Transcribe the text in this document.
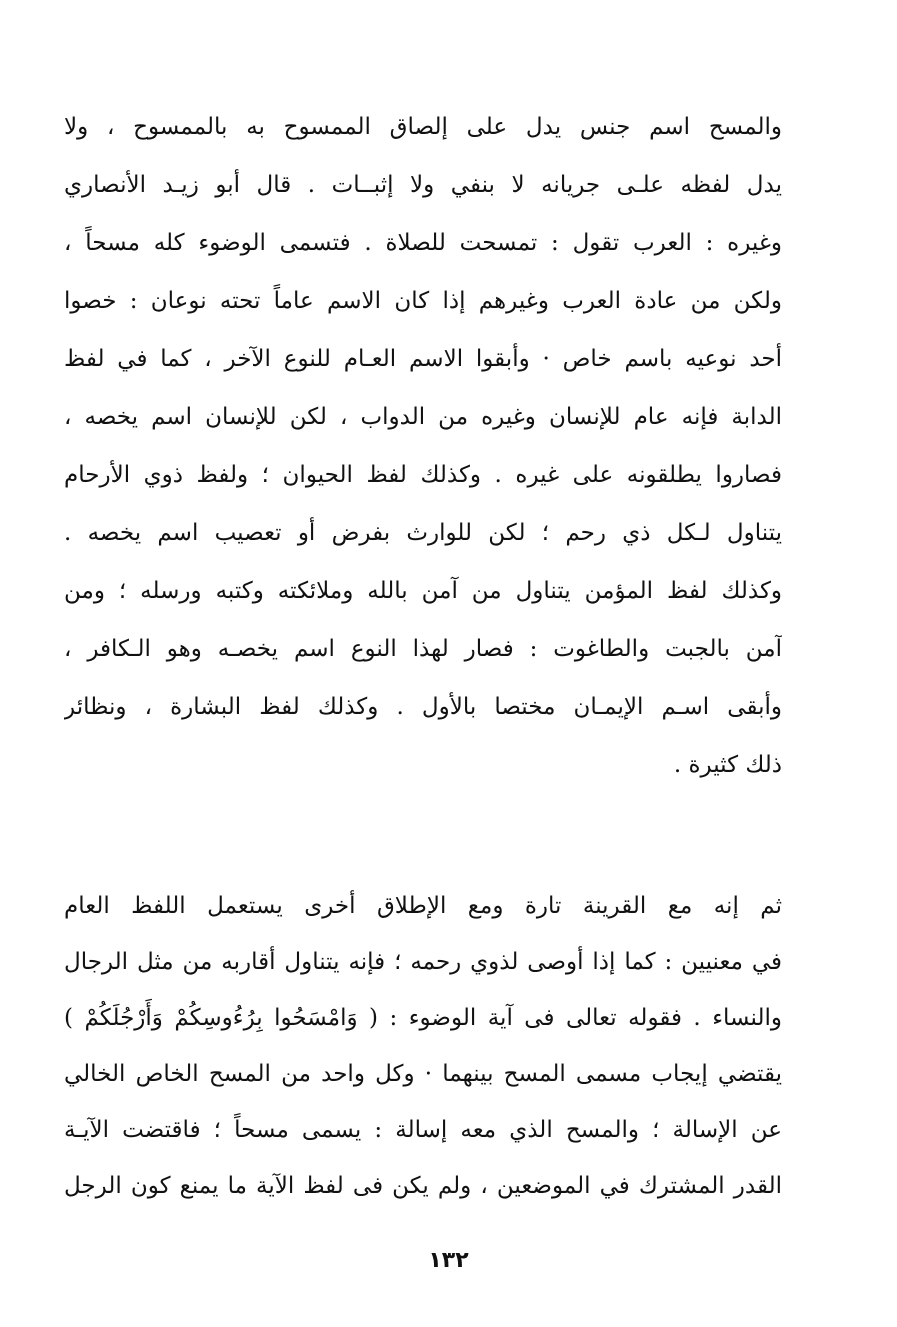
والمسح اسم جنس يدل على إلصاق الممسوح به بالممسوح ، ولا
يدل لفظه علـى جريانه لا بنفي ولا إثبــات . قال أبو زيـد الأنصاري
وغيره : العرب تقول : تمسحت للصلاة . فتسمى الوضوء كله مسحاً ،
ولكن من عادة العرب وغيرهم إذا كان الاسم عاماً تحته نوعان : خصوا
أحد نوعيه باسم خاص · وأبقوا الاسم العـام للنوع الآخر ، كما في لفظ
الدابة فإنه عام للإنسان وغيره من الدواب ، لكن للإنسان اسم يخصه ،
فصاروا يطلقونه على غيره . وكذلك لفظ الحيوان ؛ ولفظ ذوي الأرحام
يتناول لـكل ذي رحم ؛ لكن للوارث بفرض أو تعصيب اسم يخصه .
وكذلك لفظ المؤمن يتناول من آمن بالله وملائكته وكتبه ورسله ؛ ومن
آمن بالجبت والطاغوت : فصار لهذا النوع اسم يخصـه وهو الـكافر ،
وأبقى اسـم الإيمـان مختصا بالأول . وكذلك لفظ البشارة ، ونظائر
ذلك كثيرة .
ثم إنه مع القرينة تارة ومع الإطلاق أخرى يستعمل اللفظ العام
في معنيين : كما إذا أوصى لذوي رحمه ؛ فإنه يتناول أقاربه من مثل الرجال
والنساء . فقوله تعالى فى آية الوضوء : ( وَامْسَحُوا بِرُءُوسِكُمْ وَأَرْجُلَكُمْ )
يقتضي إيجاب مسمى المسح بينهما · وكل واحد من المسح الخاص الخالي
عن الإسالة ؛ والمسح الذي معه إسالة : يسمى مسحاً ؛ فاقتضت الآيـة
القدر المشترك في الموضعين ، ولم يكن فى لفظ الآية ما يمنع كون الرجل
١٣٢
